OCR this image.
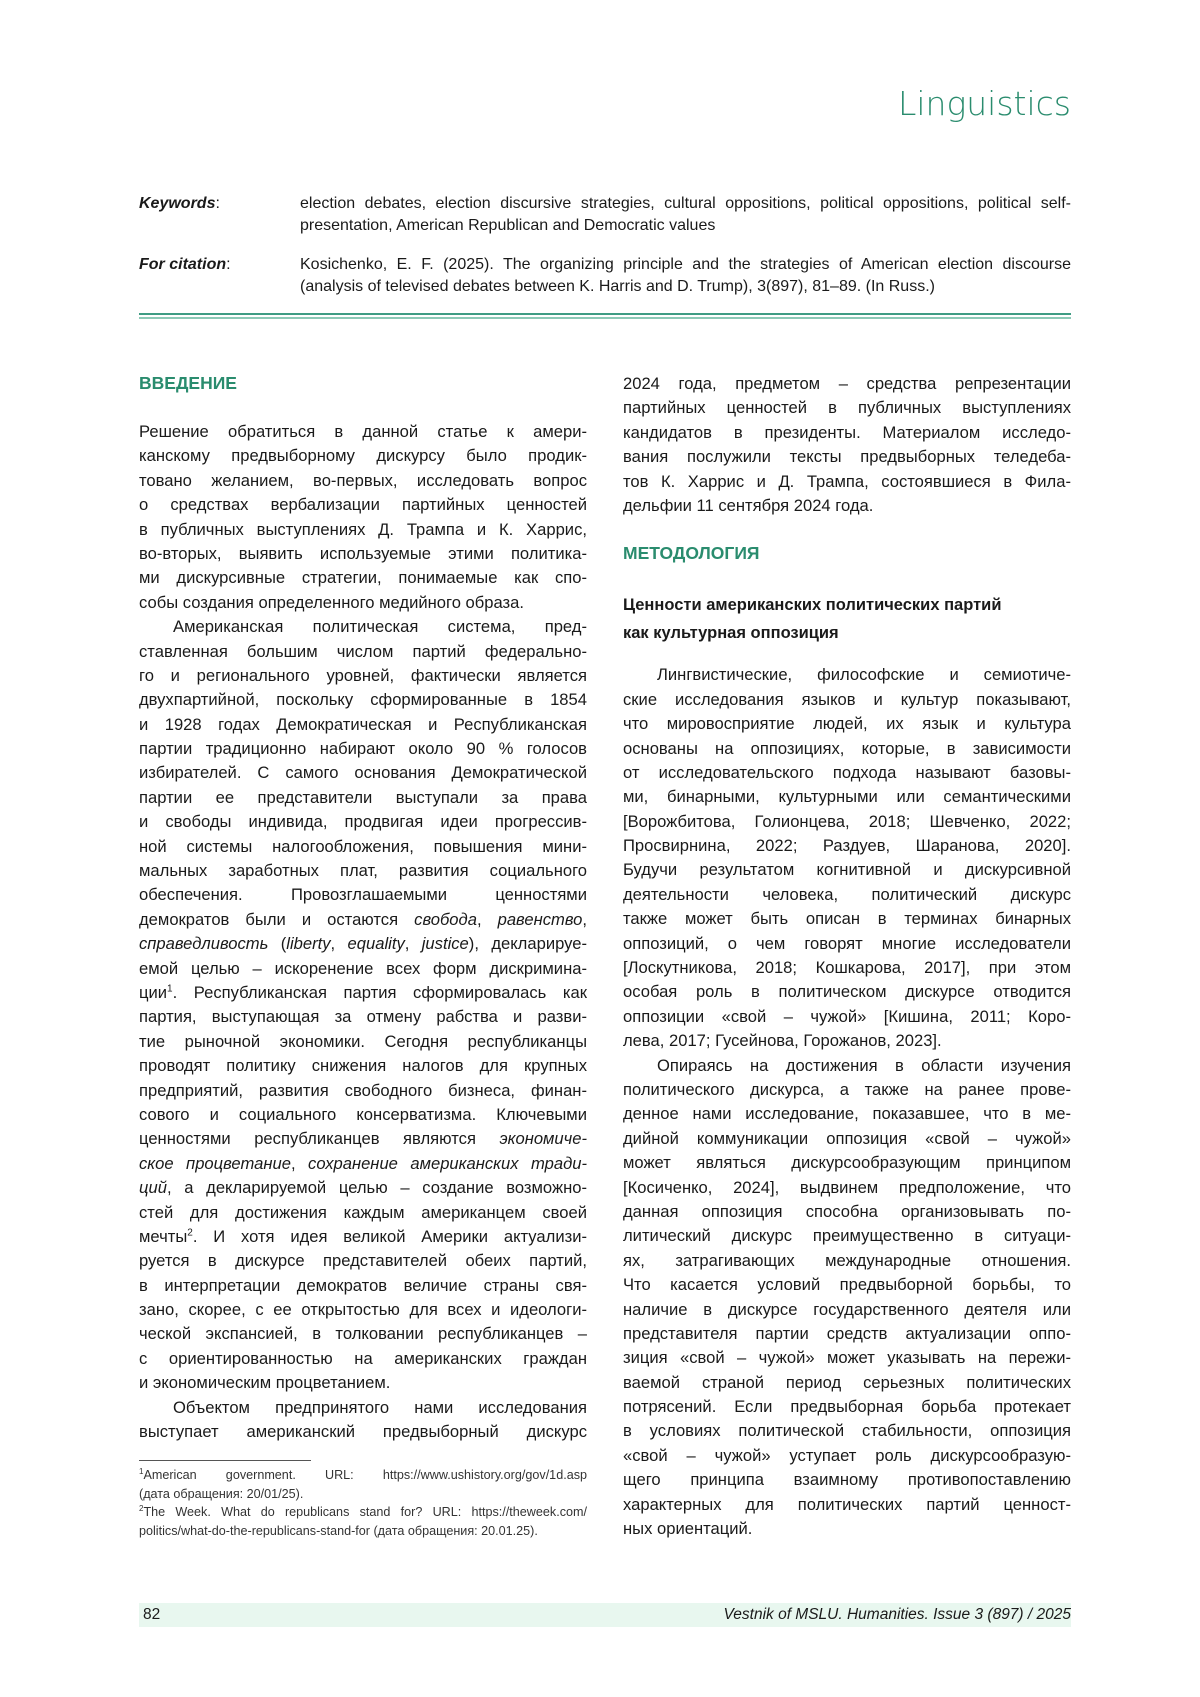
Linguistics
Keywords:	election debates, election discursive strategies, cultural oppositions, political oppositions, political self-presentation, American Republican and Democratic values
For citation:	Kosichenko, E. F. (2025). The organizing principle and the strategies of American election discourse (analysis of televised debates between K. Harris and D. Trump), 3(897), 81–89. (In Russ.)
ВВЕДЕНИЕ
Решение обратиться в данной статье к амери-
канскому предвыборному дискурсу было продик-
товано желанием, во-первых, исследовать вопрос
о средствах вербализации партийных ценностей
в публичных выступлениях Д. Трампа и К. Харрис,
во-вторых, выявить используемые этими политика-
ми дискурсивные стратегии, понимаемые как спо-
собы создания определенного медийного образа.
Американская политическая система, пред-
ставленная большим числом партий федерально-
го и регионального уровней, фактически является
двухпартийной, поскольку сформированные в 1854
и 1928 годах Демократическая и Республиканская
партии традиционно набирают около 90 % голосов
избирателей. С самого основания Демократической
партии ее представители выступали за права
и свободы индивида, продвигая идеи прогрессив-
ной системы налогообложения, повышения мини-
мальных заработных плат, развития социального
обеспечения. Провозглашаемыми ценностями
демократов были и остаются свобода, равенство,
справедливость (liberty, equality, justice), декларируе-
емой целью – искоренение всех форм дискримина-
ции1. Республиканская партия сформировалась как
партия, выступающая за отмену рабства и разви-
тие рыночной экономики. Сегодня республиканцы
проводят политику снижения налогов для крупных
предприятий, развития свободного бизнеса, финан-
сового и социального консерватизма. Ключевыми
ценностями республиканцев являются экономиче-
ское процветание, сохранение американских тради-
ций, а декларируемой целью – создание возможно-
стей для достижения каждым американцем своей
мечты2. И хотя идея великой Америки актуализи-
руется в дискурсе представителей обеих партий,
в интерпретации демократов величие страны свя-
зано, скорее, с ее открытостью для всех и идеологи-
ческой экспансией, в толковании республиканцев –
с ориентированностью на американских граждан
и экономическим процветанием.
Объектом предпринятого нами исследования
выступает американский предвыборный дискурс
2024 года, предметом – средства репрезентации
партийных ценностей в публичных выступлениях
кандидатов в президенты. Материалом исследо-
вания послужили тексты предвыборных теледеба-
тов К. Харрис и Д. Трампа, состоявшиеся в Фила-
дельфии 11 сентября 2024 года.
МЕТОДОЛОГИЯ
Ценности американских политических партий
как культурная оппозиция
Лингвистические, философские и семиотиче-
ские исследования языков и культур показывают,
что мировосприятие людей, их язык и культура
основаны на оппозициях, которые, в зависимости
от исследовательского подхода называют базовы-
ми, бинарными, культурными или семантическими
[Ворожбитова, Голионцева, 2018; Шевченко, 2022;
Просвирнина, 2022; Раздуев, Шаранова, 2020].
Будучи результатом когнитивной и дискурсивной
деятельности человека, политический дискурс
также может быть описан в терминах бинарных
оппозиций, о чем говорят многие исследователи
[Лоскутникова, 2018; Кошкарова, 2017], при этом
особая роль в политическом дискурсе отводится
оппозиции «свой – чужой» [Кишина, 2011; Коро-
лева, 2017; Гусейнова, Горожанов, 2023].
Опираясь на достижения в области изучения
политического дискурса, а также на ранее прове-
денное нами исследование, показавшее, что в ме-
дийной коммуникации оппозиция «свой – чужой»
может являться дискурсообразующим принципом
[Косиченко, 2024], выдвинем предположение, что
данная оппозиция способна организовывать по-
литический дискурс преимущественно в ситуаци-
ях, затрагивающих международные отношения.
Что касается условий предвыборной борьбы, то
наличие в дискурсе государственного деятеля или
представителя партии средств актуализации оппо-
зиция «свой – чужой» может указывать на пережи-
ваемой страной период серьезных политических
потрясений. Если предвыборная борьба протекает
в условиях политической стабильности, оппозиция
«свой – чужой» уступает роль дискурсообразую-
щего принципа взаимному противопоставлению
характерных для политических партий ценност-
ных ориентаций.
1American government. URL: https://www.ushistory.org/gov/1d.asp
(дата обращения: 20/01/25).
2The Week. What do republicans stand for? URL: https://theweek.com/
politics/what-do-the-republicans-stand-for (дата обращения: 20.01.25).
82	Vestnik of MSLU. Humanities. Issue 3 (897) / 2025
